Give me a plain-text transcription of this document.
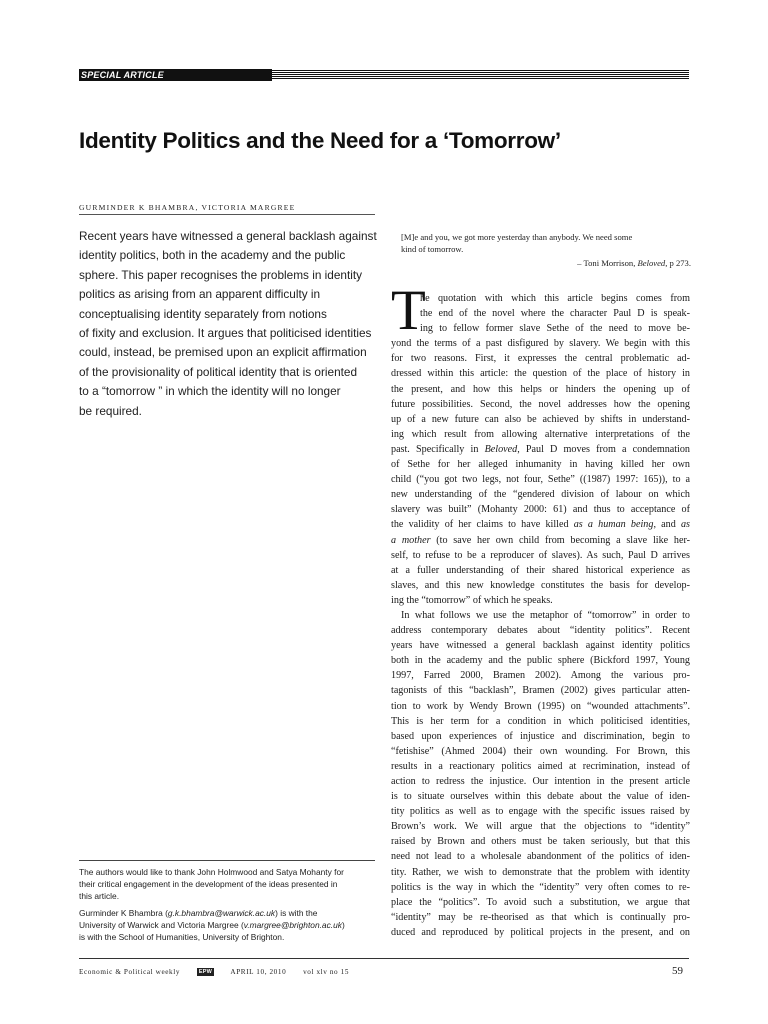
SPECIAL ARTICLE
Identity Politics and the Need for a ‘Tomorrow’
GURMINDER K BHAMBRA, VICTORIA MARGREE
Recent years have witnessed a general backlash against
identity politics, both in the academy and the public
sphere. This paper recognises the problems in identity
politics as arising from an apparent difficulty in
conceptualising identity separately from notions
of fixity and exclusion. It argues that politicised identities
could, instead, be premised upon an explicit affirmation
of the provisionality of political identity that is oriented
to a “tomorrow ” in which the identity will no longer
be required.
[M]e and you, we got more yesterday than anybody. We need some
kind of tomorrow.
– Toni Morrison, Beloved, p 273.
T
he quotation with which this article begins comes from
the end of the novel where the character Paul D is speak-
ing to fellow former slave Sethe of the need to move be-
yond the terms of a past disfigured by slavery. We begin with this
for two reasons. First, it expresses the central problematic ad-
dressed within this article: the question of the place of history in
the present, and how this helps or hinders the opening up of
future possibilities. Second, the novel addresses how the opening
up of a new future can also be achieved by shifts in understand-
ing which result from allowing alternative interpretations of the
past. Specifically in Beloved, Paul D moves from a condemnation
of Sethe for her alleged inhumanity in having killed her own
child (“you got two legs, not four, Sethe” ((1987) 1997: 165)), to a
new understanding of the “gendered division of labour on which
slavery was built” (Mohanty 2000: 61) and thus to acceptance of
the validity of her claims to have killed as a human being, and as
a mother (to save her own child from becoming a slave like her-
self, to refuse to be a reproducer of slaves). As such, Paul D arrives
at a fuller understanding of their shared historical experience as
slaves, and this new knowledge constitutes the basis for develop-
ing the “tomorrow” of which he speaks.
In what follows we use the metaphor of “tomorrow” in order to
address contemporary debates about “identity politics”. Recent
years have witnessed a general backlash against identity politics
both in the academy and the public sphere (Bickford 1997, Young
1997, Farred 2000, Bramen 2002). Among the various pro-
tagonists of this “backlash”, Bramen (2002) gives particular atten-
tion to work by Wendy Brown (1995) on “wounded attachments”.
This is her term for a condition in which politicised identities,
based upon experiences of injustice and discrimination, begin to
“fetishise” (Ahmed 2004) their own wounding. For Brown, this
results in a reactionary politics aimed at recrimination, instead of
action to redress the injustice. Our intention in the present article
is to situate ourselves within this debate about the value of iden-
tity politics as well as to engage with the specific issues raised by
Brown’s work. We will argue that the objections to “identity”
raised by Brown and others must be taken seriously, but that this
need not lead to a wholesale abandonment of the politics of iden-
tity. Rather, we wish to demonstrate that the problem with identity
politics is the way in which the “identity” very often comes to re-
place the “politics”. To avoid such a substitution, we argue that
“identity” may be re-theorised as that which is continually pro-
duced and reproduced by political projects in the present, and on
The authors would like to thank John Holmwood and Satya Mohanty for
their critical engagement in the development of the ideas presented in
this article.
Gurminder K Bhambra (g.k.bhambra@warwick.ac.uk) is with the
University of Warwick and Victoria Margree (v.margree@brighton.ac.uk)
is with the School of Humanities, University of Brighton.
Economic & Political weekly	EPW	APRIL 10, 2010 vol xlv no 15	59
